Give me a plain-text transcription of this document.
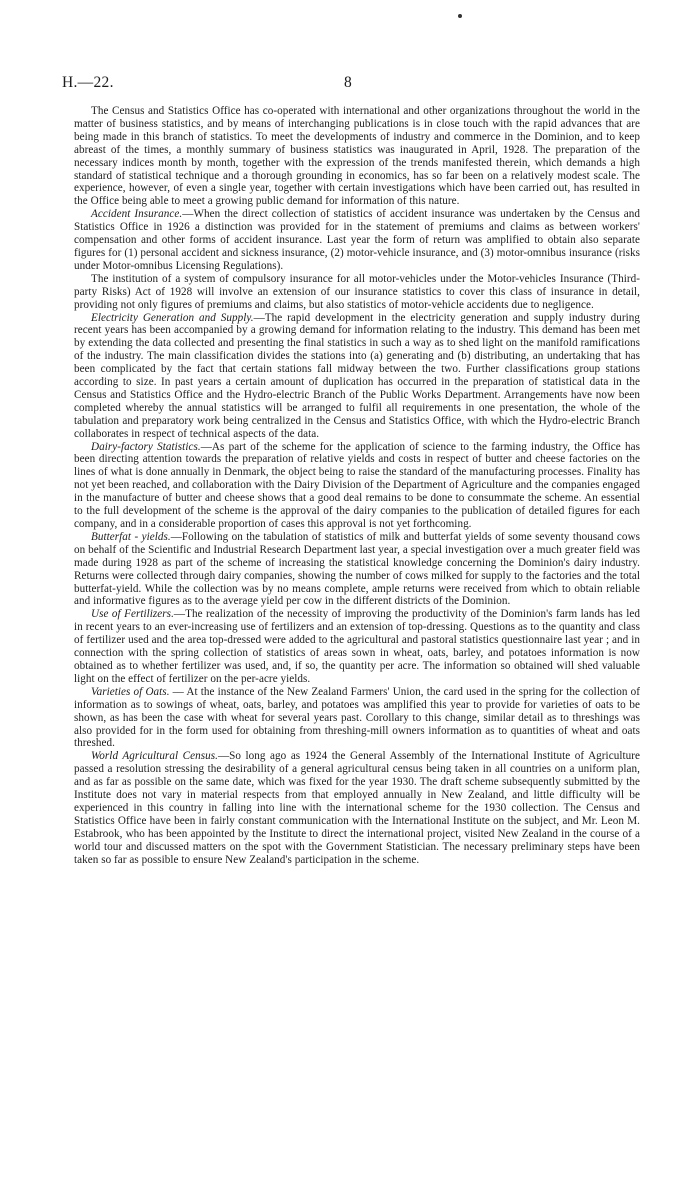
H.—22.	8

The Census and Statistics Office has co-operated with international and other organizations throughout the world in the matter of business statistics, and by means of interchanging publications is in close touch with the rapid advances that are being made in this branch of statistics. To meet the developments of industry and commerce in the Dominion, and to keep abreast of the times, a monthly summary of business statistics was inaugurated in April, 1928. The preparation of the necessary indices month by month, together with the expression of the trends manifested therein, which demands a high standard of statistical technique and a thorough grounding in economics, has so far been on a relatively modest scale. The experience, however, of even a single year, together with certain investigations which have been carried out, has resulted in the Office being able to meet a growing public demand for information of this nature.

Accident Insurance.—When the direct collection of statistics of accident insurance was undertaken by the Census and Statistics Office in 1926 a distinction was provided for in the statement of premiums and claims as between workers' compensation and other forms of accident insurance. Last year the form of return was amplified to obtain also separate figures for (1) personal accident and sickness insurance, (2) motor-vehicle insurance, and (3) motor-omnibus insurance (risks under Motor-omnibus Licensing Regulations).

The institution of a system of compulsory insurance for all motor-vehicles under the Motor-vehicles Insurance (Third-party Risks) Act of 1928 will involve an extension of our insurance statistics to cover this class of insurance in detail, providing not only figures of premiums and claims, but also statistics of motor-vehicle accidents due to negligence.

Electricity Generation and Supply.—The rapid development in the electricity generation and supply industry during recent years has been accompanied by a growing demand for information relating to the industry. This demand has been met by extending the data collected and presenting the final statistics in such a way as to shed light on the manifold ramifications of the industry. The main classification divides the stations into (a) generating and (b) distributing, an undertaking that has been complicated by the fact that certain stations fall midway between the two. Further classifications group stations according to size. In past years a certain amount of duplication has occurred in the preparation of statistical data in the Census and Statistics Office and the Hydro-electric Branch of the Public Works Department. Arrangements have now been completed whereby the annual statistics will be arranged to fulfil all requirements in one presentation, the whole of the tabulation and preparatory work being centralized in the Census and Statistics Office, with which the Hydro-electric Branch collaborates in respect of technical aspects of the data.

Dairy-factory Statistics.—As part of the scheme for the application of science to the farming industry, the Office has been directing attention towards the preparation of relative yields and costs in respect of butter and cheese factories on the lines of what is done annually in Denmark, the object being to raise the standard of the manufacturing processes. Finality has not yet been reached, and collaboration with the Dairy Division of the Department of Agriculture and the companies engaged in the manufacture of butter and cheese shows that a good deal remains to be done to consummate the scheme. An essential to the full development of the scheme is the approval of the dairy companies to the publication of detailed figures for each company, and in a considerable proportion of cases this approval is not yet forthcoming.

Butterfat - yields.—Following on the tabulation of statistics of milk and butterfat yields of some seventy thousand cows on behalf of the Scientific and Industrial Research Department last year, a special investigation over a much greater field was made during 1928 as part of the scheme of increasing the statistical knowledge concerning the Dominion's dairy industry. Returns were collected through dairy companies, showing the number of cows milked for supply to the factories and the total butterfat-yield. While the collection was by no means complete, ample returns were received from which to obtain reliable and informative figures as to the average yield per cow in the different districts of the Dominion.

Use of Fertilizers.—The realization of the necessity of improving the productivity of the Dominion's farm lands has led in recent years to an ever-increasing use of fertilizers and an extension of top-dressing. Questions as to the quantity and class of fertilizer used and the area top-dressed were added to the agricultural and pastoral statistics questionnaire last year ; and in connection with the spring collection of statistics of areas sown in wheat, oats, barley, and potatoes information is now obtained as to whether fertilizer was used, and, if so, the quantity per acre. The information so obtained will shed valuable light on the effect of fertilizer on the per-acre yields.

Varieties of Oats. — At the instance of the New Zealand Farmers' Union, the card used in the spring for the collection of information as to sowings of wheat, oats, barley, and potatoes was amplified this year to provide for varieties of oats to be shown, as has been the case with wheat for several years past. Corollary to this change, similar detail as to threshings was also provided for in the form used for obtaining from threshing-mill owners information as to quantities of wheat and oats threshed.

World Agricultural Census.—So long ago as 1924 the General Assembly of the International Institute of Agriculture passed a resolution stressing the desirability of a general agricultural census being taken in all countries on a uniform plan, and as far as possible on the same date, which was fixed for the year 1930. The draft scheme subsequently submitted by the Institute does not vary in material respects from that employed annually in New Zealand, and little difficulty will be experienced in this country in falling into line with the international scheme for the 1930 collection. The Census and Statistics Office have been in fairly constant communication with the International Institute on the subject, and Mr. Leon M. Estabrook, who has been appointed by the Institute to direct the international project, visited New Zealand in the course of a world tour and discussed matters on the spot with the Government Statistician. The necessary preliminary steps have been taken so far as possible to ensure New Zealand's participation in the scheme.
